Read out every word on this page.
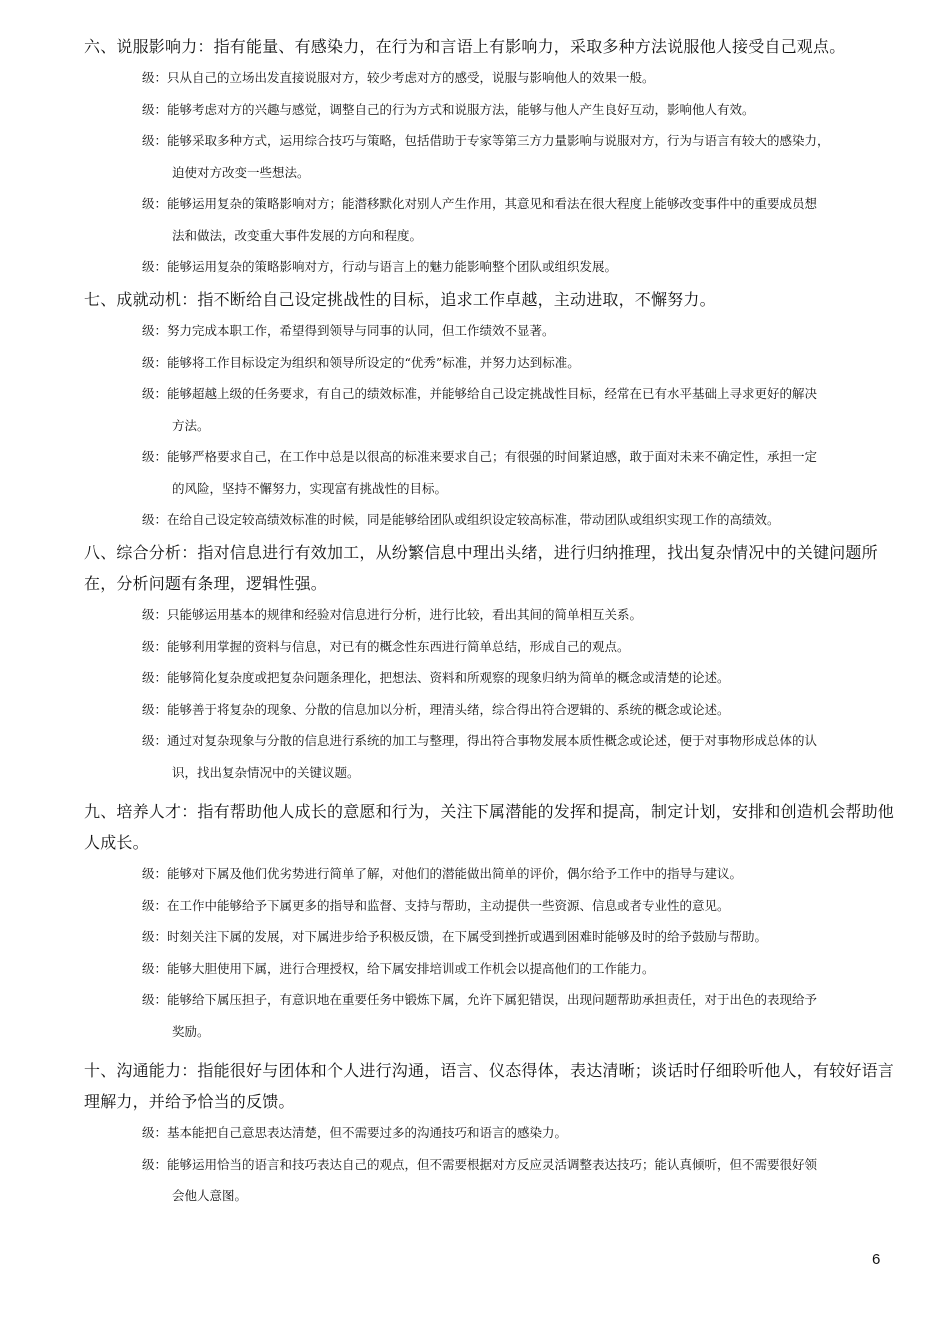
六、说服影响力：指有能量、有感染力，在行为和言语上有影响力，采取多种方法说服他人接受自己观点。

级：只从自己的立场出发直接说服对方，较少考虑对方的感受，说服与影响他人的效果一般。

级：能够考虑对方的兴趣与感觉，调整自己的行为方式和说服方法，能够与他人产生良好互动，影响他人有效。

级：能够采取多种方式，运用综合技巧与策略，包括借助于专家等第三方力量影响与说服对方，行为与语言有较大的感染力，
迫使对方改变一些想法。

级：能够运用复杂的策略影响对方；能潜移默化对别人产生作用，其意见和看法在很大程度上能够改变事件中的重要成员想
法和做法，改变重大事件发展的方向和程度。

级：能够运用复杂的策略影响对方，行动与语言上的魅力能影响整个团队或组织发展。

七、成就动机：指不断给自己设定挑战性的目标，追求工作卓越，主动进取，不懈努力。

级：努力完成本职工作，希望得到领导与同事的认同，但工作绩效不显著。

级：能够将工作目标设定为组织和领导所设定的“优秀”标准，并努力达到标准。

级：能够超越上级的任务要求，有自己的绩效标准，并能够给自己设定挑战性目标，经常在已有水平基础上寻求更好的解决
方法。

级：能够严格要求自己，在工作中总是以很高的标准来要求自己；有很强的时间紧迫感，敢于面对未来不确定性，承担一定
的风险，坚持不懈努力，实现富有挑战性的目标。

级：在给自己设定较高绩效标准的时候，同是能够给团队或组织设定较高标准，带动团队或组织实现工作的高绩效。

八、综合分析：指对信息进行有效加工，从纷繁信息中理出头绪，进行归纳推理，找出复杂情况中的关键问题所在，分析问题有条理，逻辑性强。

级：只能够运用基本的规律和经验对信息进行分析，进行比较，看出其间的简单相互关系。

级：能够利用掌握的资料与信息，对已有的概念性东西进行简单总结，形成自己的观点。

级：能够简化复杂度或把复杂问题条理化，把想法、资料和所观察的现象归纳为简单的概念或清楚的论述。

级：能够善于将复杂的现象、分散的信息加以分析，理清头绪，综合得出符合逻辑的、系统的概念或论述。

级：通过对复杂现象与分散的信息进行系统的加工与整理，得出符合事物发展本质性概念或论述，便于对事物形成总体的认
识，找出复杂情况中的关键议题。

九、培养人才：指有帮助他人成长的意愿和行为，关注下属潜能的发挥和提高，制定计划，安排和创造机会帮助他人成长。

级：能够对下属及他们优劣势进行简单了解，对他们的潜能做出简单的评价，偶尔给予工作中的指导与建议。

级：在工作中能够给予下属更多的指导和监督、支持与帮助，主动提供一些资源、信息或者专业性的意见。

级：时刻关注下属的发展，对下属进步给予积极反馈，在下属受到挫折或遇到困难时能够及时的给予鼓励与帮助。

级：能够大胆使用下属，进行合理授权，给下属安排培训或工作机会以提高他们的工作能力。

级：能够给下属压担子，有意识地在重要任务中锻炼下属，允许下属犯错误，出现问题帮助承担责任，对于出色的表现给予
奖励。

十、沟通能力：指能很好与团体和个人进行沟通，语言、仪态得体，表达清晰；谈话时仔细聆听他人，有较好语言理解力，并给予恰当的反馈。

级：基本能把自己意思表达清楚，但不需要过多的沟通技巧和语言的感染力。

级：能够运用恰当的语言和技巧表达自己的观点，但不需要根据对方反应灵活调整表达技巧；能认真倾听，但不需要很好领
会他人意图。

6
